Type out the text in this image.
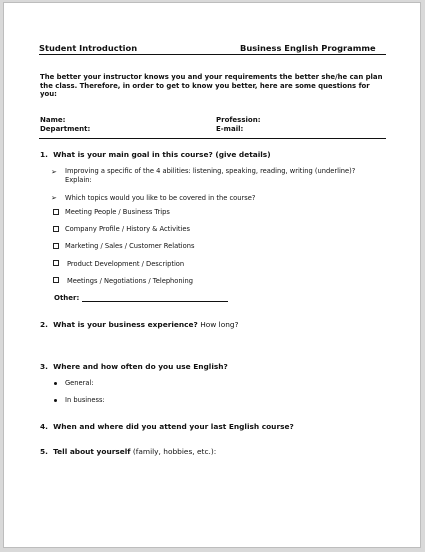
Student Introduction	Business English Programme
The better your instructor knows you and your requirements the better she/he can plan the class. Therefore, in order to get to know you better, here are some questions for you:
Name:
Department:
Profession:
E-mail:
1. What is your main goal in this course? (give details)
➢ Improving a specific of the 4 abilities: listening, speaking, reading, writing (underline)?
Explain:
➢ Which topics would you like to be covered in the course?
Meeting People / Business Trips
Company Profile / History & Activities
Marketing / Sales / Customer Relations
Product Development / Description
Meetings / Negotiations / Telephoning
Other:
2. What is your business experience? How long?
3. Where and how often do you use English?
General:
In business:
4. When and where did you attend your last English course?
5. Tell about yourself (family, hobbies, etc.):
